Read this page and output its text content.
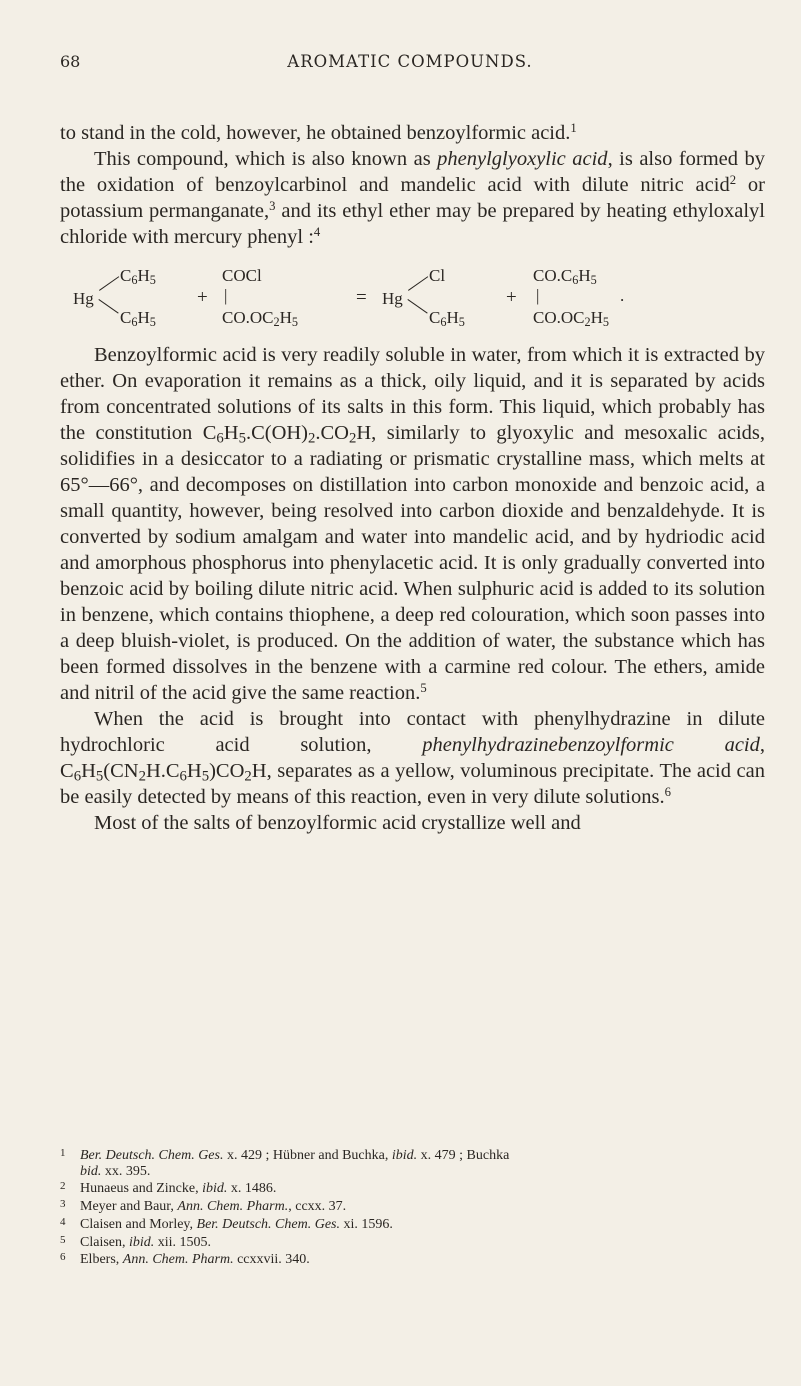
68	AROMATIC COMPOUNDS.

to stand in the cold, however, he obtained benzoylformic acid.$^1$

This compound, which is also known as phenylglyoxylic acid, is also formed by the oxidation of benzoylcarbinol and mandelic acid with dilute nitric acid$^2$ or potassium permanganate,$^3$ and its ethyl ether may be prepared by heating ethyloxalyl chloride with mercury phenyl :$^4$

Hg
$C_6H_5$
$C_6H_5$
+
COCl
|
$CO.OC_2H_5$
= Hg
Cl
$C_6H_5$
+
$CO.C_6H_5$
|	.
$CO.OC_2H_5$

Benzoylformic acid is very readily soluble in water, from which it is extracted by ether. On evaporation it remains as a thick, oily liquid, and it is separated by acids from concentrated solutions of its salts in this form. This liquid, which probably has the constitution $C_6H_5.C(OH)_2.CO_2H$, similarly to glyoxylic and mesoxalic acids, solidifies in a desiccator to a radiating or prismatic crystalline mass, which melts at 65°—66°, and decomposes on distillation into carbon monoxide and benzoic acid, a small quantity, however, being resolved into carbon dioxide and benzaldehyde. It is converted by sodium amalgam and water into mandelic acid, and by hydriodic acid and amorphous phosphorus into phenylacetic acid. It is only gradually converted into benzoic acid by boiling dilute nitric acid. When sulphuric acid is added to its solution in benzene, which contains thiophene, a deep red colouration, which soon passes into a deep bluish-violet, is produced. On the addition of water, the substance which has been formed dissolves in the benzene with a carmine red colour. The ethers, amide and nitril of the acid give the same reaction.$^5$

When the acid is brought into contact with phenylhydrazine in dilute hydrochloric acid solution, phenylhydrazinebenzoylformic acid, $C_6H_5(CN_2H.C_6H_5)CO_2H$, separates as a yellow, voluminous precipitate. The acid can be easily detected by means of this reaction, even in very dilute solutions.$^6$

Most of the salts of benzoylformic acid crystallize well and

1 Ber. Deutsch. Chem. Ges. x. 429 ; Hübner and Buchka, ibid. x. 479 ; Buchka
bid. xx. 395.

2 Hunaeus and Zincke, ibid. x. 1486.

3 Meyer and Baur, Ann. Chem. Pharm., ccxx. 37.

4 Claisen and Morley, Ber. Deutsch. Chem. Ges. xi. 1596.

5 Claisen, ibid. xii. 1505.

6 Elbers, Ann. Chem. Pharm. ccxxvii. 340.
